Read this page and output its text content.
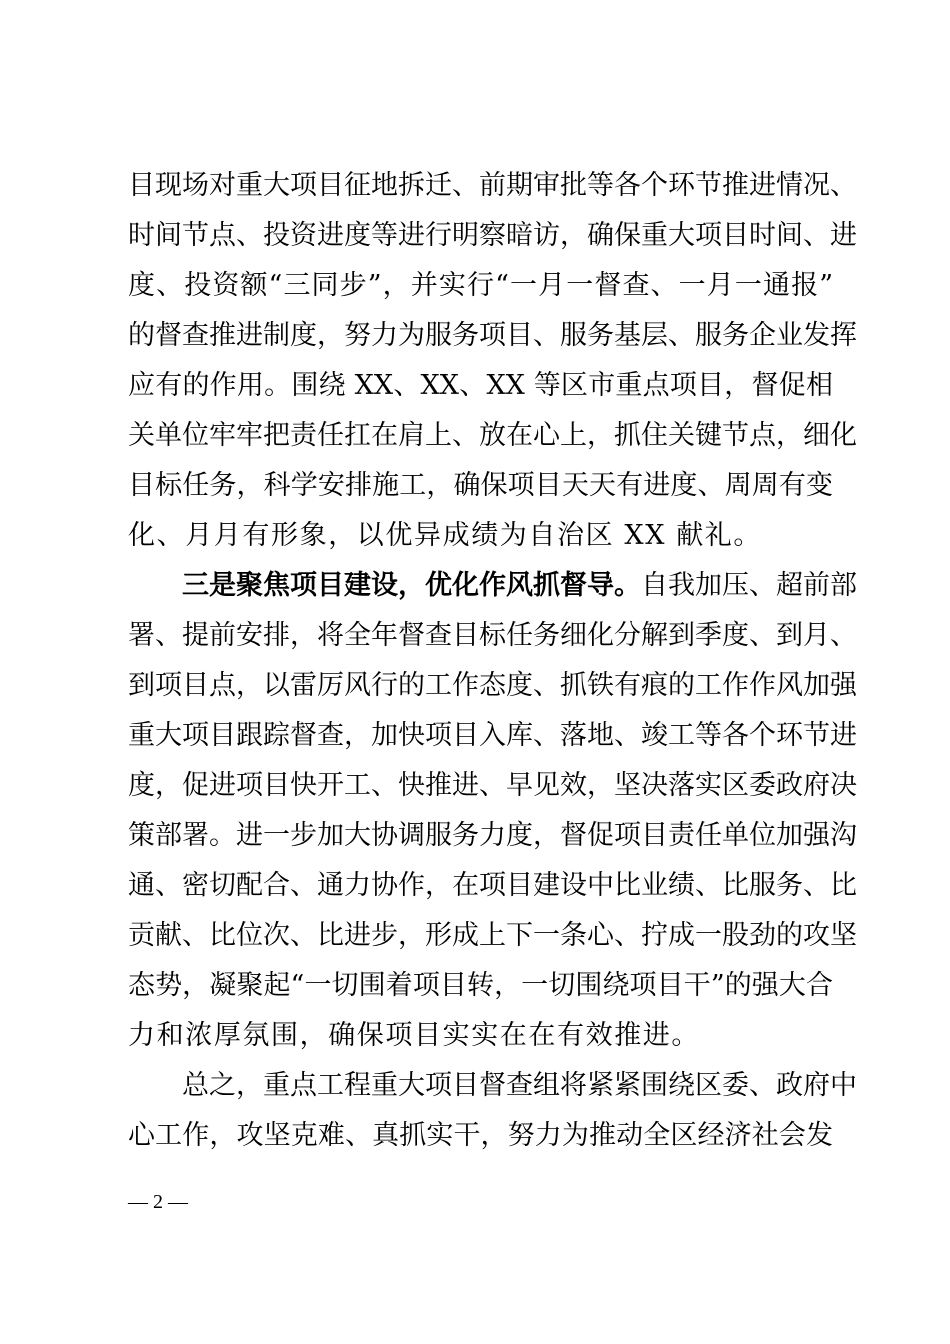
目现场对重大项目征地拆迁、前期审批等各个环节推进情况、
时间节点、投资进度等进行明察暗访，确保重大项目时间、进
度、投资额“三同步”，并实行“一月一督查、一月一通报”
的督查推进制度，努力为服务项目、服务基层、服务企业发挥
应有的作用。围绕 XX、XX、XX 等区市重点项目，督促相
关单位牢牢把责任扛在肩上、放在心上，抓住关键节点，细化
目标任务，科学安排施工，确保项目天天有进度、周周有变
化、月月有形象，以优异成绩为自治区 XX 献礼。
三是聚焦项目建设，优化作风抓督导。自我加压、超前部
署、提前安排，将全年督查目标任务细化分解到季度、到月、
到项目点，以雷厉风行的工作态度、抓铁有痕的工作作风加强
重大项目跟踪督查，加快项目入库、落地、竣工等各个环节进
度，促进项目快开工、快推进、早见效，坚决落实区委政府决
策部署。进一步加大协调服务力度，督促项目责任单位加强沟
通、密切配合、通力协作，在项目建设中比业绩、比服务、比
贡献、比位次、比进步，形成上下一条心、拧成一股劲的攻坚
态势，凝聚起“一切围着项目转，一切围绕项目干”的强大合
力和浓厚氛围，确保项目实实在在有效推进。
总之，重点工程重大项目督查组将紧紧围绕区委、政府中
心工作，攻坚克难、真抓实干，努力为推动全区经济社会发
— 2 —
